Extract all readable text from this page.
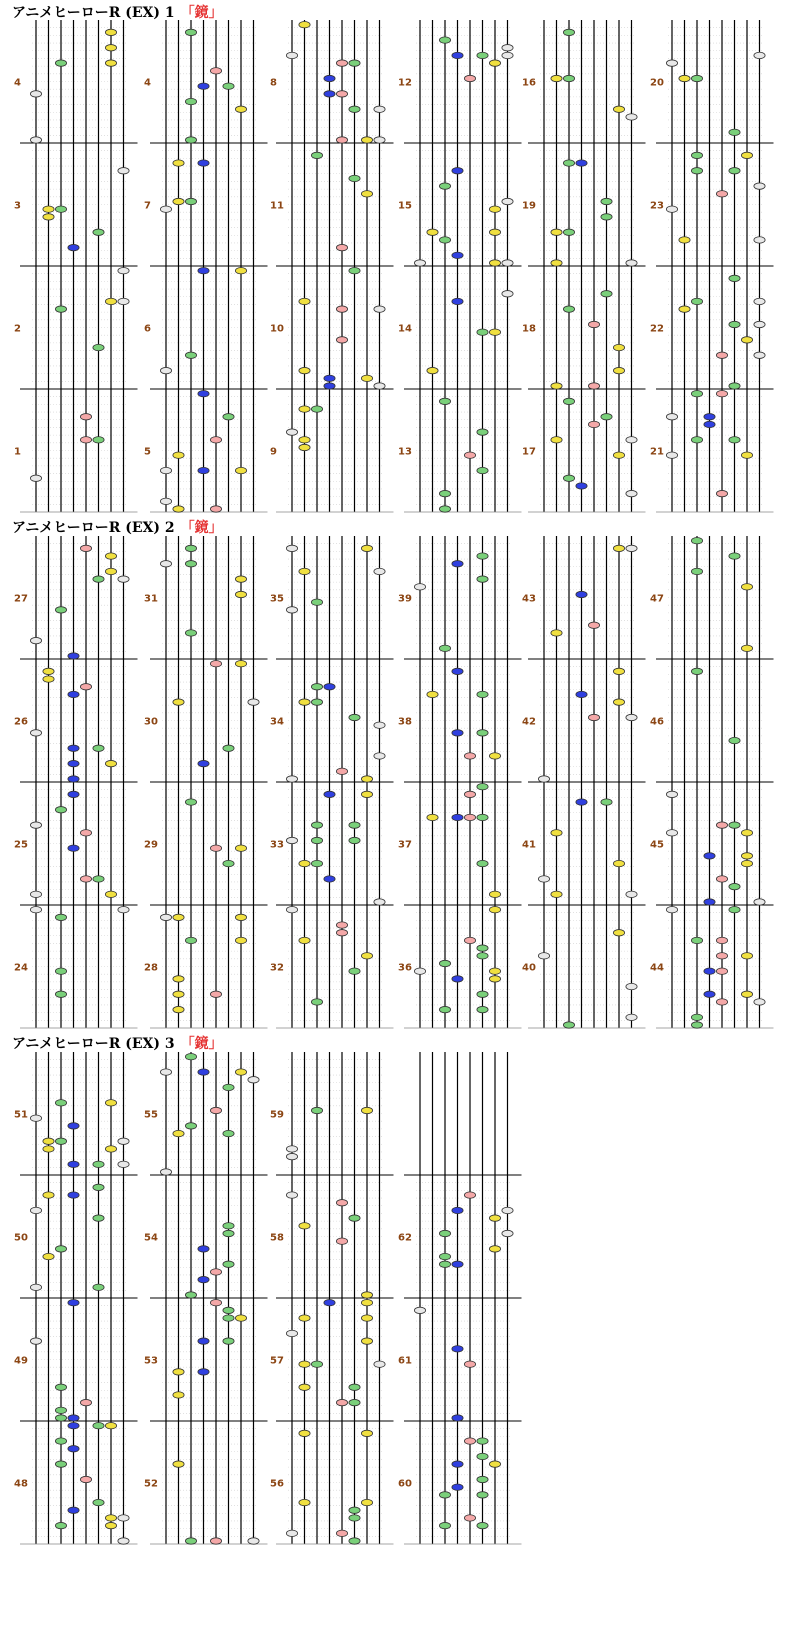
アニメヒーローR (EX) 1 「鏡」
アニメヒーローR (EX) 2 「鏡」
アニメヒーローR (EX) 3 「鏡」
1
2
3
4
5
6
7
4
9
10
11
8
13
14
15
12
17
18
19
16
21
22
23
20
24
25
26
27
28
29
30
31
32
33
34
35
36
37
38
39
40
41
42
43
44
45
46
47
48
49
50
51
52
53
54
55
56
57
58
59
60
61
62
